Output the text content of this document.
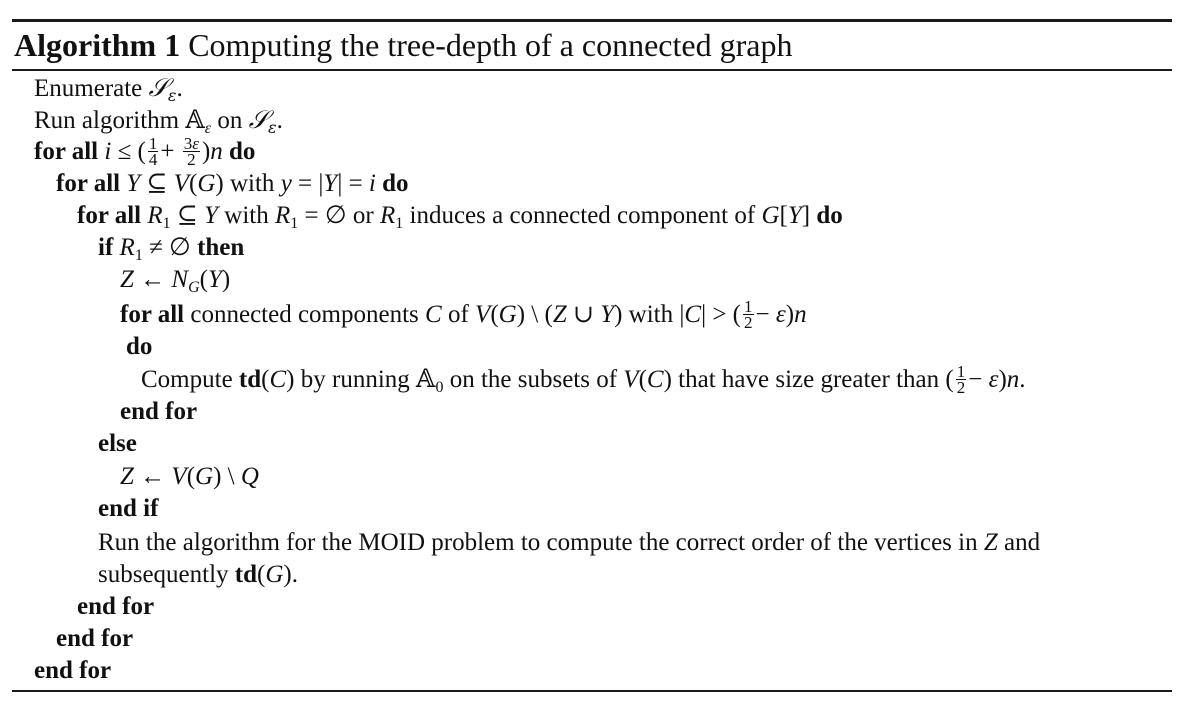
Algorithm 1 Computing the tree-depth of a connected graph
Enumerate 𝒮$_\varepsilon$.
Run algorithm 𝔸$_\varepsilon$ on 𝒮$_\varepsilon$.
for all i ≤ ( $\frac{1}{4} + \frac{3\varepsilon}{2} )n$ do
for all Y ⊆ V(G) with y = |Y| = i do
for all $R_1$ ⊆ Y with $R_1$ = ∅ or $R_1$ induces a connected component of G[Y] do
if $R_1$ ≠ ∅ then
Z ← $N_G(Y)$
for all connected components C of V(G) \ (Z ∪ Y) with |C| > ( $\frac{1}{2} - \varepsilon)n$
do
Compute td(C) by running 𝔸$_0$ on the subsets of V(C) that have size greater than ( $\frac{1}{2} - \varepsilon)n$.
end for
else
Z ← V(G) \ Q
end if
Run the algorithm for the MOID problem to compute the correct order of the vertices in Z and
subsequently td(G).
end for
end for
end for
